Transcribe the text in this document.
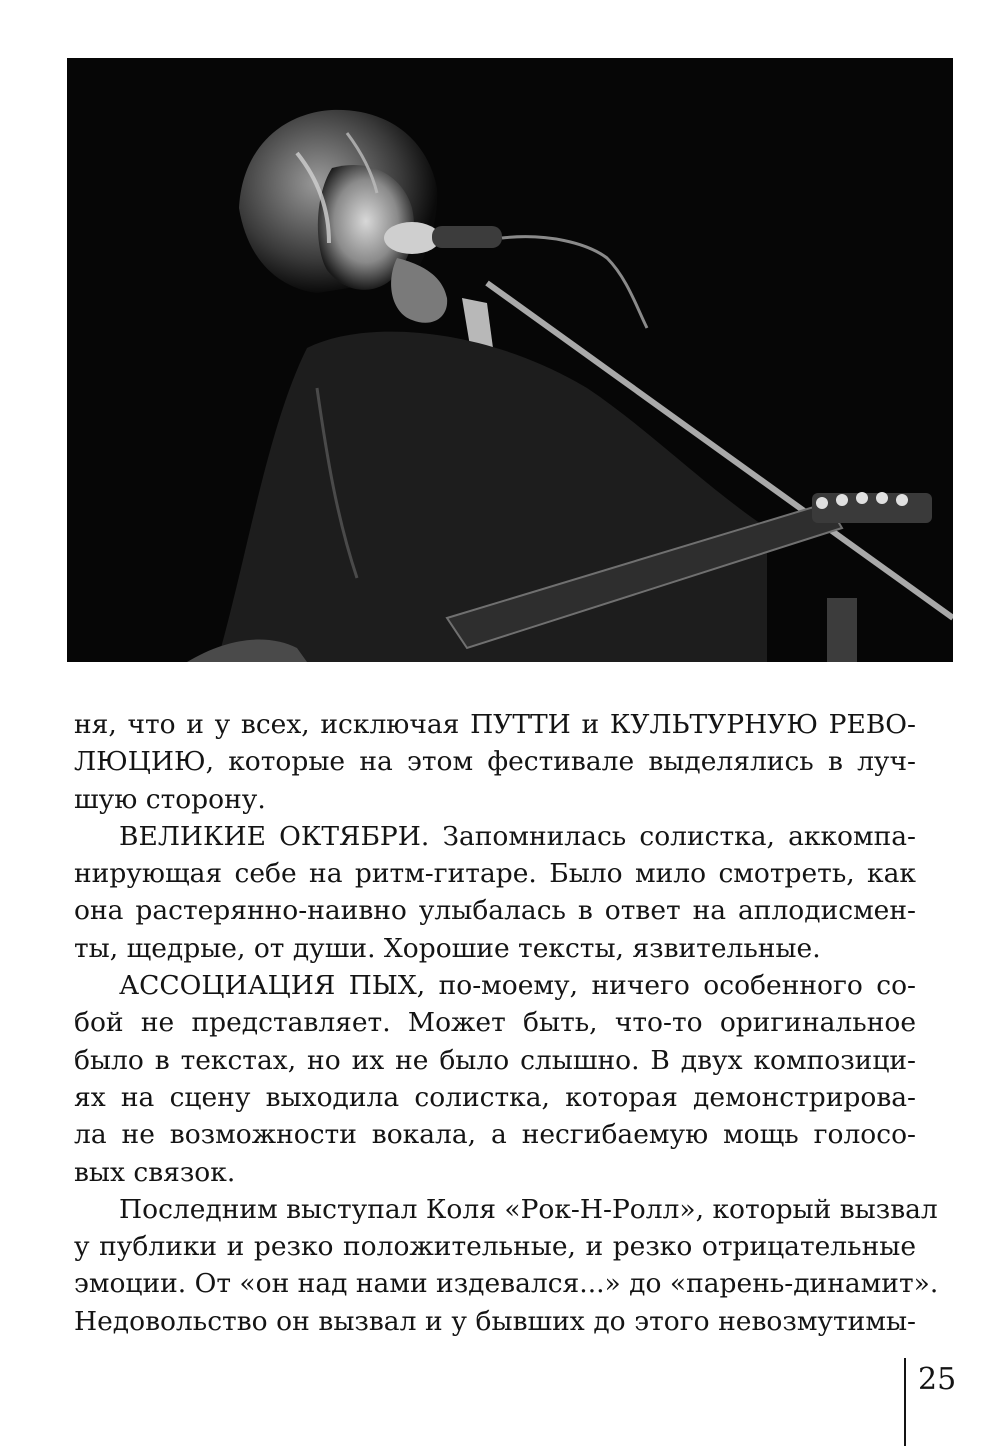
ня, что и у всех, исключая ПУТТИ и КУЛЬТУРНУЮ РЕВО-
ЛЮЦИЮ, которые на этом фестивале выделялись в луч-
шую сторону.

ВЕЛИКИЕ ОКТЯБРИ. Запомнилась солистка, аккомпа-
нирующая себе на ритм-гитаре. Было мило смотреть, как
она растерянно-наивно улыбалась в ответ на аплодисмен-
ты, щедрые, от души. Хорошие тексты, язвительные.

АССОЦИАЦИЯ ПЫХ, по-моему, ничего особенного со-
бой не представляет. Может быть, что-то оригинальное
было в текстах, но их не было слышно. В двух композици-
ях на сцену выходила солистка, которая демонстрирова-
ла не возможности вокала, а несгибаемую мощь голосо-
вых связок.

Последним выступал Коля «Рок-Н-Ролл», который вызвал
у публики и резко положительные, и резко отрицательные
эмоции. От «он над нами издевался...» до «парень-динамит».
Недовольство он вызвал и у бывших до этого невозмутимы-

25
